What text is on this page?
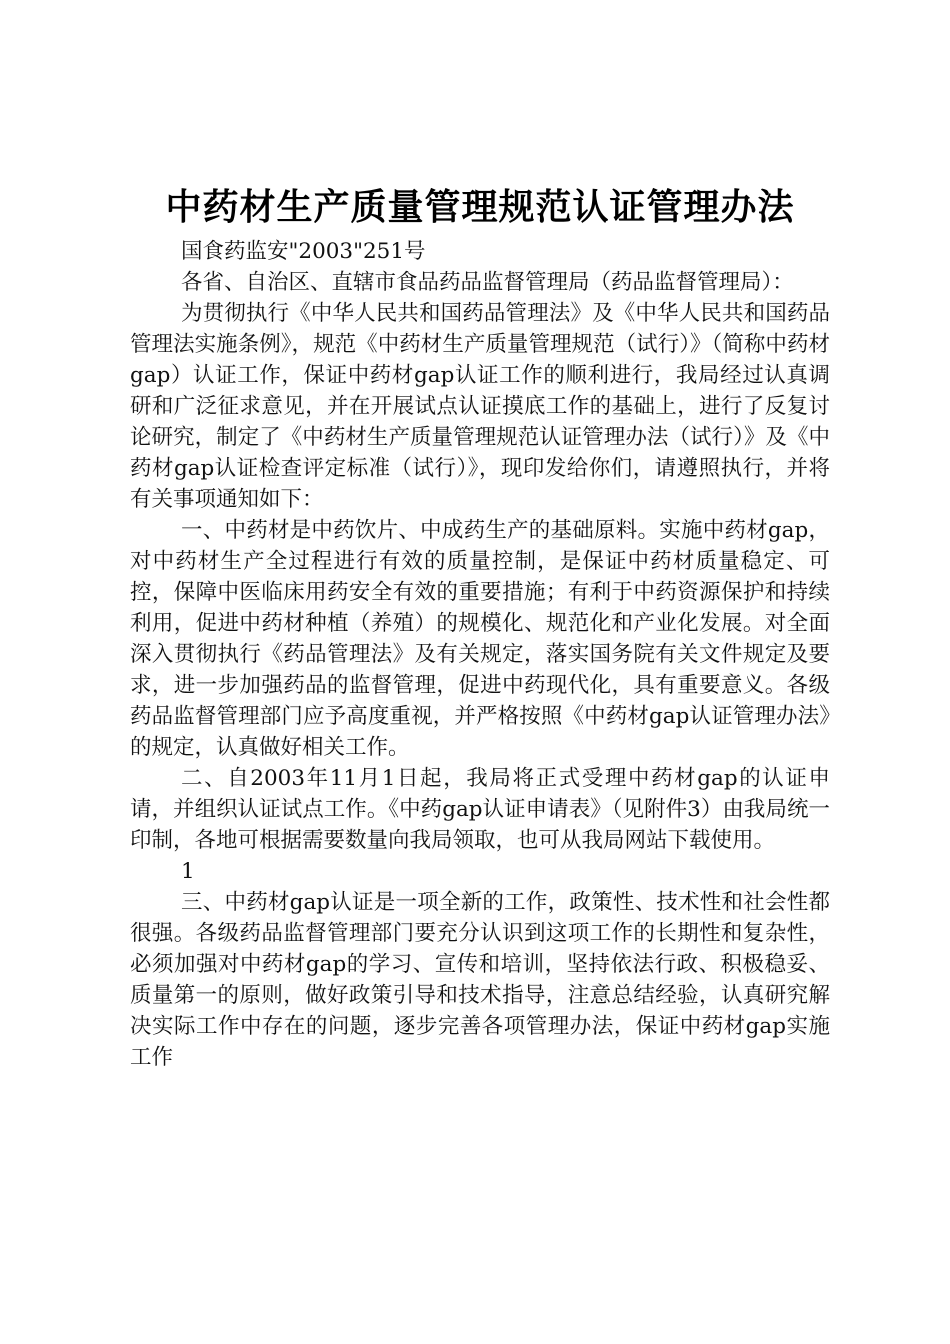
中药材生产质量管理规范认证管理办法

国食药监安"2003"251号

各省、自治区、直辖市食品药品监督管理局（药品监督管理局）：

为贯彻执行《中华人民共和国药品管理法》及《中华人民共和国药品管理法实施条例》，规范《中药材生产质量管理规范（试行）》（简称中药材gap）认证工作，保证中药材gap认证工作的顺利进行，我局经过认真调研和广泛征求意见，并在开展试点认证摸底工作的基础上，进行了反复讨论研究，制定了《中药材生产质量管理规范认证管理办法（试行）》及《中药材gap认证检查评定标准（试行）》，现印发给你们，请遵照执行，并将有关事项通知如下：

一、中药材是中药饮片、中成药生产的基础原料。实施中药材gap，对中药材生产全过程进行有效的质量控制，是保证中药材质量稳定、可控，保障中医临床用药安全有效的重要措施；有利于中药资源保护和持续利用，促进中药材种植（养殖）的规模化、规范化和产业化发展。对全面深入贯彻执行《药品管理法》及有关规定，落实国务院有关文件规定及要求，进一步加强药品的监督管理，促进中药现代化，具有重要意义。各级药品监督管理部门应予高度重视，并严格按照《中药材gap认证管理办法》的规定，认真做好相关工作。

二、自2003年11月1日起，我局将正式受理中药材gap的认证申请，并组织认证试点工作。《中药gap认证申请表》（见附件3）由我局统一印制，各地可根据需要数量向我局领取，也可从我局网站下载使用。

1

三、中药材gap认证是一项全新的工作，政策性、技术性和社会性都很强。各级药品监督管理部门要充分认识到这项工作的长期性和复杂性，必须加强对中药材gap的学习、宣传和培训，坚持依法行政、积极稳妥、质量第一的原则，做好政策引导和技术指导，注意总结经验，认真研究解决实际工作中存在的问题，逐步完善各项管理办法，保证中药材gap实施工作
